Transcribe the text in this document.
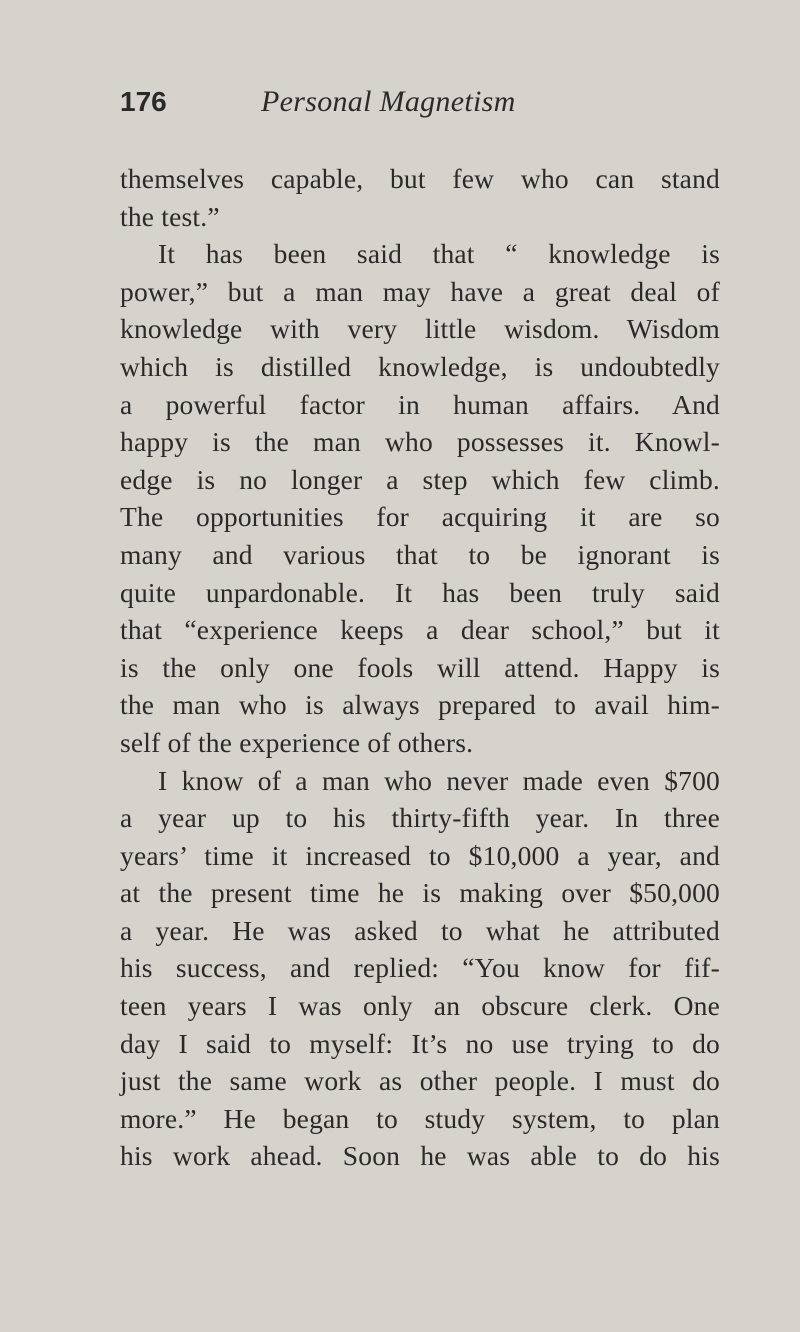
176	Personal Magnetism
themselves capable, but few who can stand
the test.”
It has been said that “ knowledge is
power,” but a man may have a great deal of
knowledge with very little wisdom. Wisdom
which is distilled knowledge, is undoubtedly
a powerful factor in human affairs. And
happy is the man who possesses it. Knowl-
edge is no longer a step which few climb.
The opportunities for acquiring it are so
many and various that to be ignorant is
quite unpardonable. It has been truly said
that “experience keeps a dear school,” but it
is the only one fools will attend. Happy is
the man who is always prepared to avail him-
self of the experience of others.
I know of a man who never made even $700
a year up to his thirty-fifth year. In three
years’ time it increased to $10,000 a year, and
at the present time he is making over $50,000
a year. He was asked to what he attributed
his success, and replied: “You know for fif-
teen years I was only an obscure clerk. One
day I said to myself: It’s no use trying to do
just the same work as other people. I must do
more.” He began to study system, to plan
his work ahead. Soon he was able to do his
